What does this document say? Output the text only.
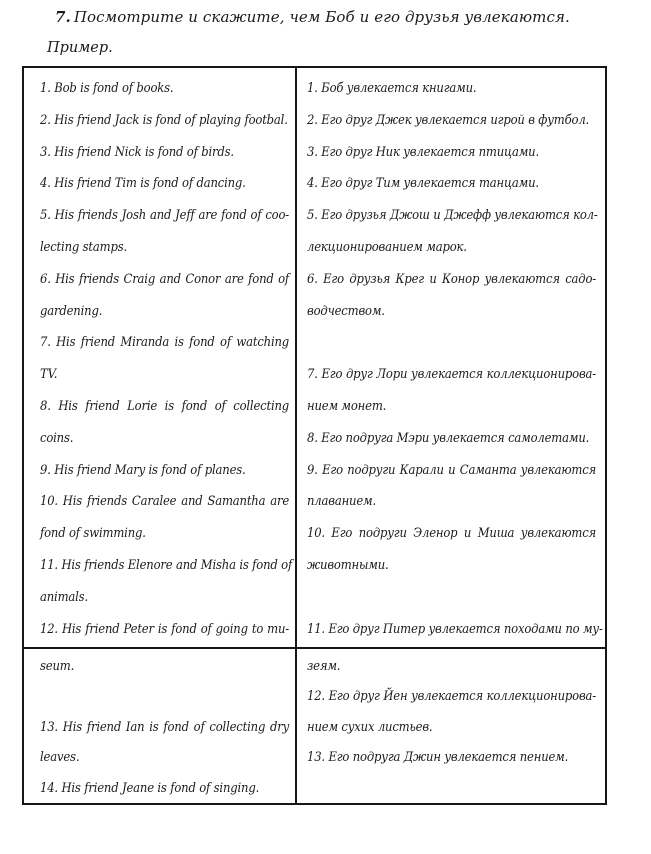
7. Посмотрите и скажите, чем Боб и его друзья увлекаются.
Пример.
1. Bob is fond of books.
2. His friend Jack is fond of playing footbal.
3. His friend Nick is fond of birds.
4. His friend Tim is fond of dancing.
5. His friends Josh and Jeff are fond of coo-
lecting stamps.
6. His friends Craig and Conor are fond of
gardening.
7. His friend Miranda is fond of watching
TV.
8. His friend Lorie is fond of collecting
coins.
9. His friend Mary is fond of planes.
10. His friends Caralee and Samantha are
fond of swimming.
11. His friends Elenore and Misha is fond of
animals.
12. His friend Peter is fond of going to mu-
1. Боб увлекается книгами.
2. Его друг Джек увлекается игрой в футбол.
3. Его друг Ник увлекается птицами.
4. Его друг Тим увлекается танцами.
5. Его друзья Джош и Джефф увлекаются кол-
лекционированием марок.
6. Его друзья Крег и Конор увлекаются садо-
водчеством.
7. Его друг Лори увлекается коллекционирова-
нием монет.
8. Его подруга Мэри увлекается самолетами.
9. Его подруги Карали и Саманта увлекаются
плаванием.
10. Его подруги Эленор и Миша увлекаются
животными.
11. Его друг Питер увлекается походами по му-
seum.
13. His friend Ian is fond of collecting dry
leaves.
14. His friend Jeane is fond of singing.
зеям.
12. Его друг Йен увлекается коллекционирова-
нием сухих листьев.
13. Его подруга Джин увлекается пением.
